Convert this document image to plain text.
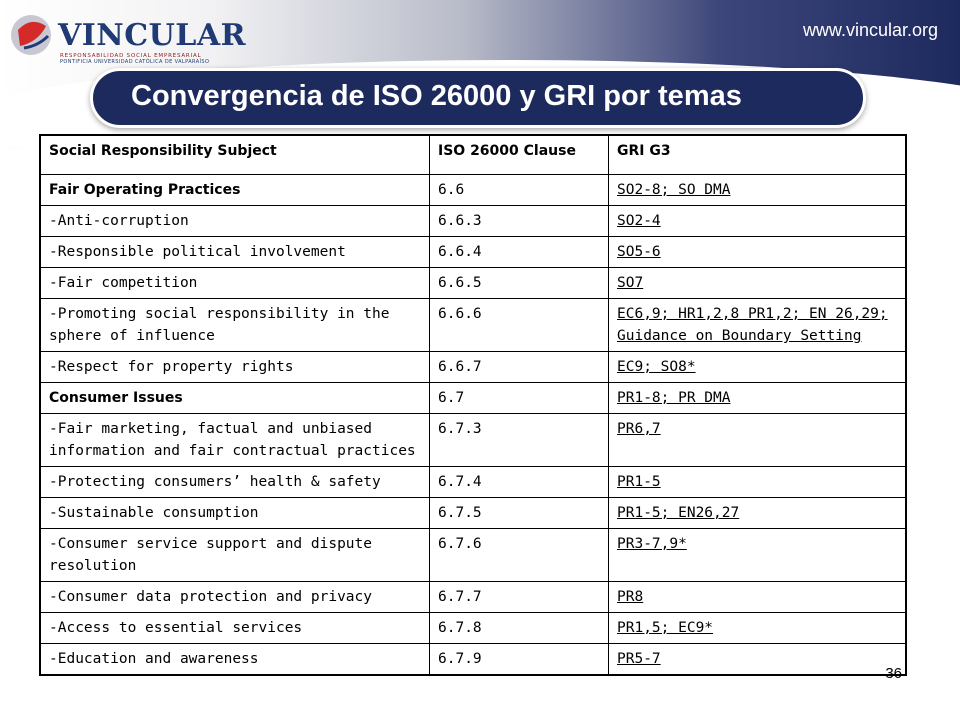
VINCULAR
RESPONSABILIDAD SOCIAL EMPRESARIAL
PONTIFICIA UNIVERSIDAD CATÓLICA DE VALPARAÍSO
www.vincular.org
Convergencia de ISO 26000 y GRI por temas
Social Responsibility Subject	ISO 26000 Clause	GRI G3
Fair Operating Practices	6.6	SO2-8; SO DMA
-Anti-corruption	6.6.3	SO2-4
-Responsible political involvement	6.6.4	SO5-6
-Fair competition	6.6.5	SO7
-Promoting social responsibility in the sphere of influence	6.6.6	EC6,9; HR1,2,8 PR1,2; EN 26,29; Guidance on Boundary Setting
-Respect for property rights	6.6.7	EC9; SO8*
Consumer Issues	6.7	PR1-8; PR DMA
-Fair marketing, factual and unbiased information and fair contractual practices	6.7.3	PR6,7
-Protecting consumers’ health & safety	6.7.4	PR1-5
-Sustainable consumption	6.7.5	PR1-5; EN26,27
-Consumer service support and dispute resolution	6.7.6	PR3-7,9*
-Consumer data protection and privacy	6.7.7	PR8
-Access to essential services	6.7.8	PR1,5; EC9*
-Education and awareness	6.7.9	PR5-7
36
